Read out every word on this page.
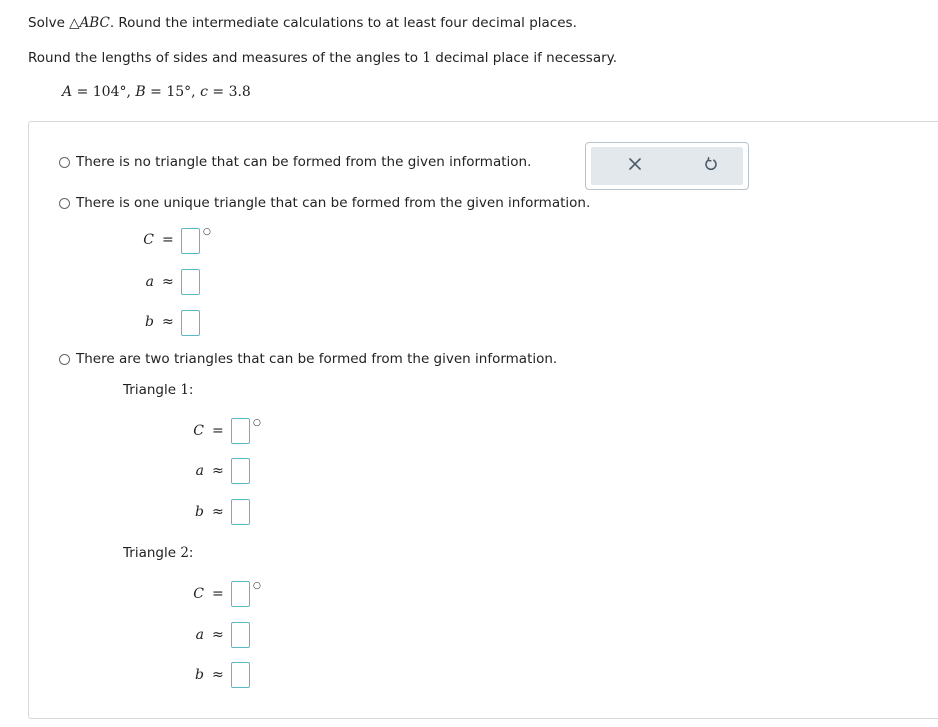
Solve △ABC. Round the intermediate calculations to at least four decimal places.
Round the lengths of sides and measures of the angles to 1 decimal place if necessary.
A = 104°, B = 15°, c = 3.8
There is no triangle that can be formed from the given information.
There is one unique triangle that can be formed from the given information.
C =	○
a ≈
b ≈
There are two triangles that can be formed from the given information.
Triangle 1:
C =	○
a ≈
b ≈
Triangle 2:
C =	○
a ≈
b ≈
